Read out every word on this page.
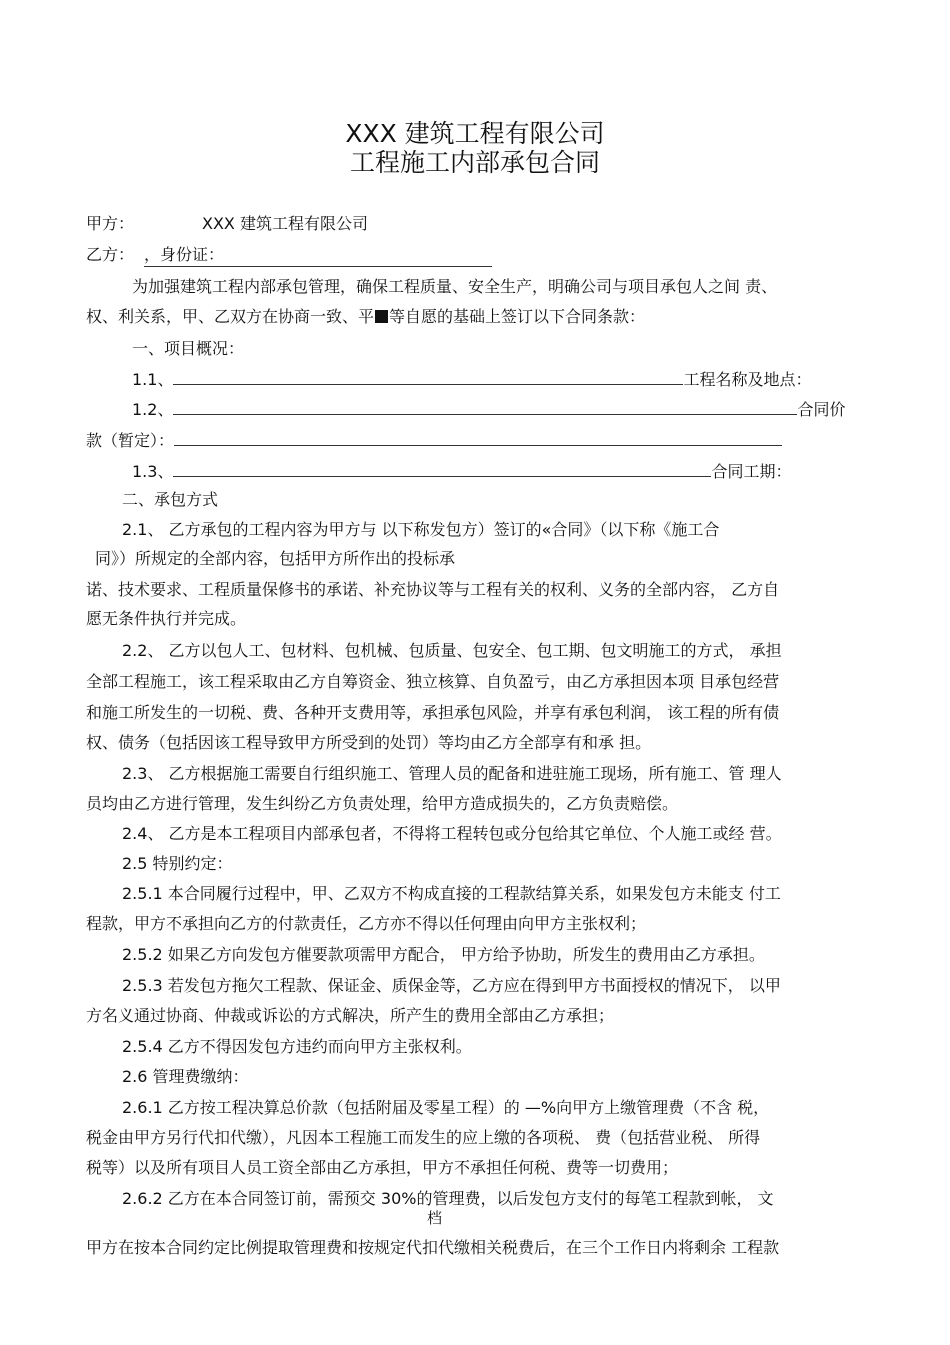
XXX 建筑工程有限公司
工程施工内部承包合同
甲方：	XXX 建筑工程有限公司
乙方： ，身份证：
为加强建筑工程内部承包管理，确保工程质量、安全生产，明确公司与项目承包人之间 责、
权、利关系，甲、乙双方在协商一致、平 等自愿的基础上签订以下合同条款：
一、项目概况：
1.1、	工程名称及地点：
1.2、	合同价
款（暂定）：
1.3、	合同工期：
二、承包方式
2.1、 乙方承包的工程内容为甲方与 以下称发包方）签订的«合同》（以下称《施工合
同》）所规定的全部内容，包括甲方所作出的投标承
诺、技术要求、工程质量保修书的承诺、补充协议等与工程有关的权利、义务的全部内容， 乙方自
愿无条件执行并完成。
2.2、 乙方以包人工、包材料、包机械、包质量、包安全、包工期、包文明施工的方式， 承担
全部工程施工，该工程采取由乙方自筹资金、独立核算、自负盈亏，由乙方承担因本项 目承包经营
和施工所发生的一切税、费、各种开支费用等，承担承包风险，并享有承包利润， 该工程的所有债
权、债务（包括因该工程导致甲方所受到的处罚）等均由乙方全部享有和承 担。
2.3、 乙方根据施工需要自行组织施工、管理人员的配备和进驻施工现场，所有施工、管 理人
员均由乙方进行管理，发生纠纷乙方负责处理，给甲方造成损失的，乙方负责赔偿。
2.4、 乙方是本工程项目内部承包者，不得将工程转包或分包给其它单位、个人施工或经 营。
2.5 特别约定：
2.5.1 本合同履行过程中，甲、乙双方不构成直接的工程款结算关系，如果发包方未能支 付工
程款，甲方不承担向乙方的付款责任，乙方亦不得以任何理由向甲方主张权利；
2.5.2 如果乙方向发包方催要款项需甲方配合， 甲方给予协助，所发生的费用由乙方承担。
2.5.3 若发包方拖欠工程款、保证金、质保金等，乙方应在得到甲方书面授权的情况下， 以甲
方名义通过协商、仲裁或诉讼的方式解决，所产生的费用全部由乙方承担；
2.5.4 乙方不得因发包方违约而向甲方主张权利。
2.6 管理费缴纳：
2.6.1 乙方按工程决算总价款（包括附届及零星工程）的 —%向甲方上缴管理费（不含 税，
税金由甲方另行代扣代缴），凡因本工程施工而发生的应上缴的各项税、 费（包括营业税、 所得
税等）以及所有项目人员工资全部由乙方承担，甲方不承担任何税、费等一切费用；
2.6.2 乙方在本合同签订前，需预交 30%的管理费，以后发包方支付的每笔工程款到帐， 文
档
甲方在按本合同约定比例提取管理费和按规定代扣代缴相关税费后，在三个工作日内将剩余 工程款
